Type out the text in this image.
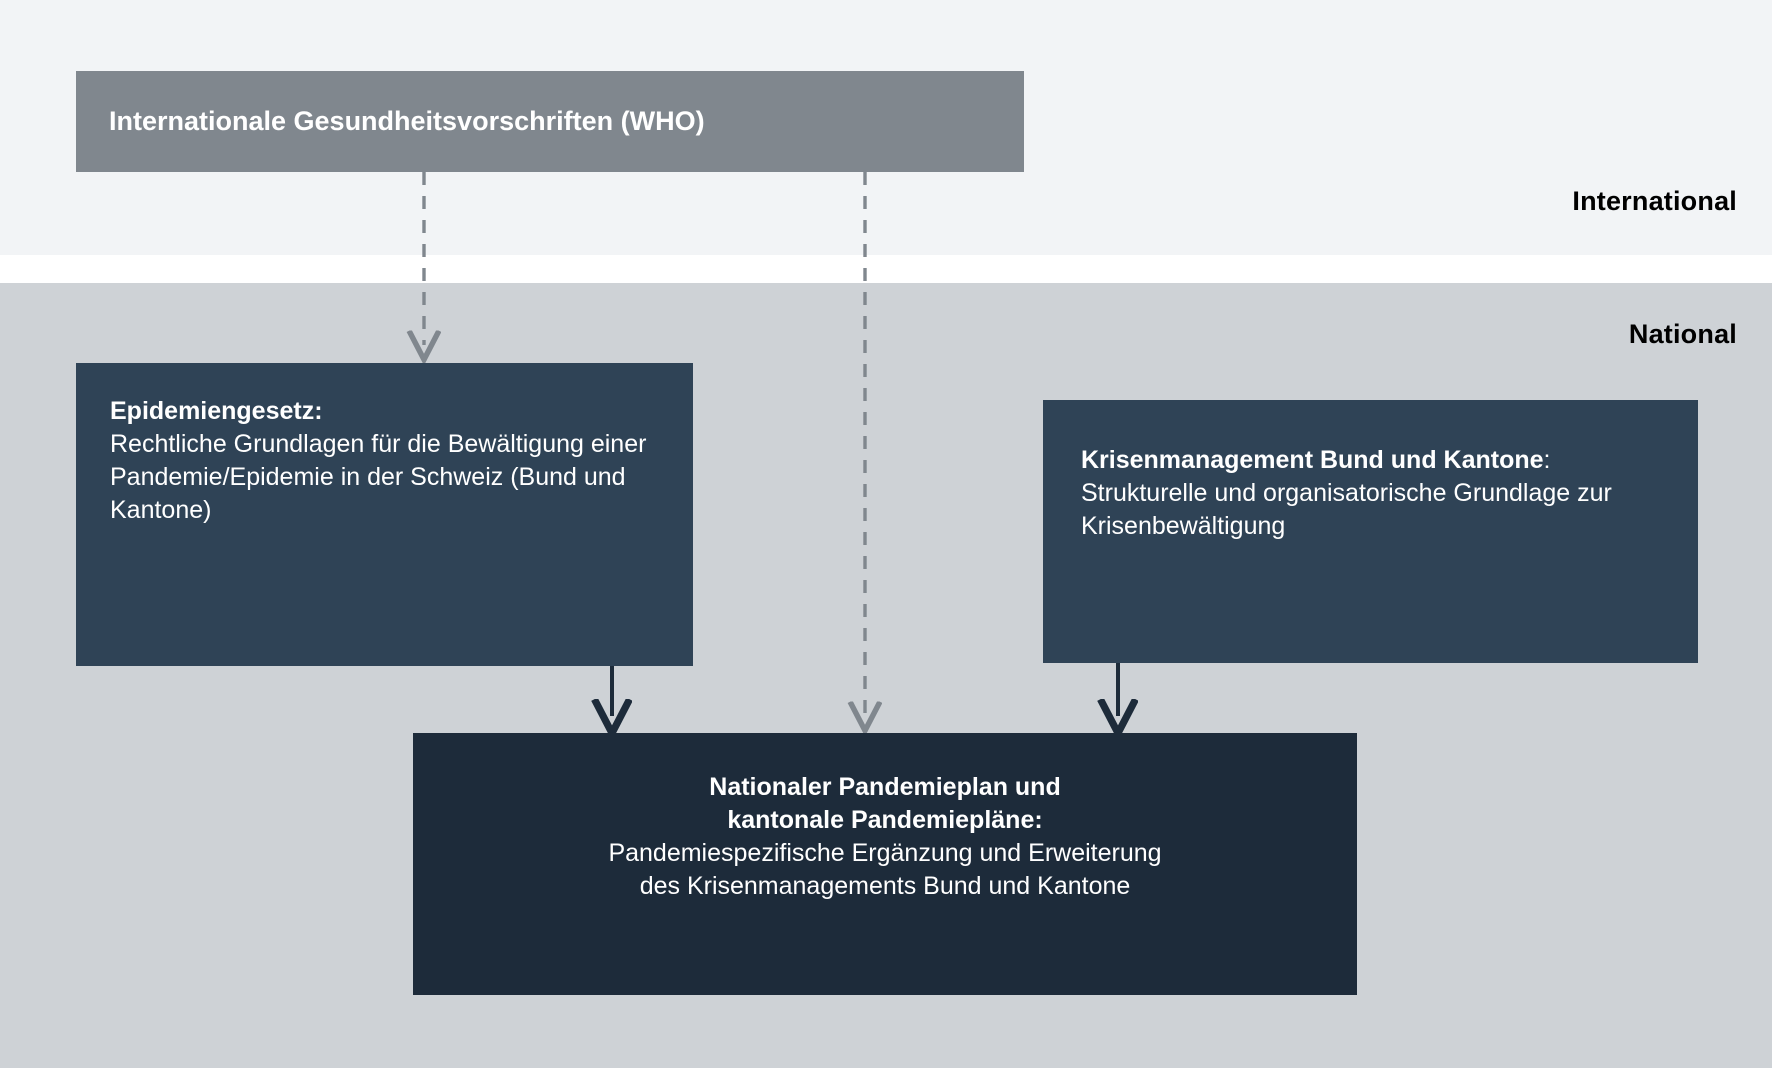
International
National
Internationale Gesundheitsvorschriften (WHO)
Epidemiengesetz:
Rechtliche Grundlagen für die Bewältigung einer Pandemie/Epidemie in der Schweiz (Bund und Kantone)
Krisenmanagement Bund und Kantone: Strukturelle und organisatorische Grundlage zur Krisenbewältigung
Nationaler Pandemieplan und
kantonale Pandemiepläne:
Pandemiespezifische Ergänzung und Erweiterung
des Krisenmanagements Bund und Kantone
